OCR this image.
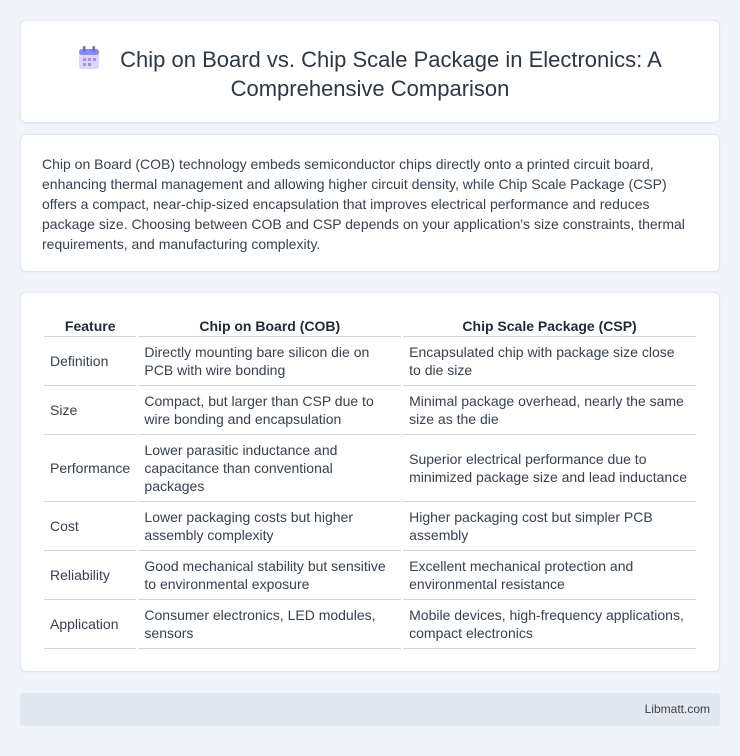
Chip on Board vs. Chip Scale Package in Electronics: A Comprehensive Comparison

Chip on Board (COB) technology embeds semiconductor chips directly onto a printed circuit board, enhancing thermal management and allowing higher circuit density, while Chip Scale Package (CSP) offers a compact, near-chip-sized encapsulation that improves electrical performance and reduces package size. Choosing between COB and CSP depends on your application's size constraints, thermal requirements, and manufacturing complexity.

Feature	Chip on Board (COB)	Chip Scale Package (CSP)
Definition	Directly mounting bare silicon die on PCB with wire bonding	Encapsulated chip with package size close to die size
Size	Compact, but larger than CSP due to wire bonding and encapsulation	Minimal package overhead, nearly the same size as the die
Performance	Lower parasitic inductance and capacitance than conventional packages	Superior electrical performance due to minimized package size and lead inductance
Cost	Lower packaging costs but higher assembly complexity	Higher packaging cost but simpler PCB assembly
Reliability	Good mechanical stability but sensitive to environmental exposure	Excellent mechanical protection and environmental resistance
Application	Consumer electronics, LED modules, sensors	Mobile devices, high-frequency applications, compact electronics
Libmatt.com
